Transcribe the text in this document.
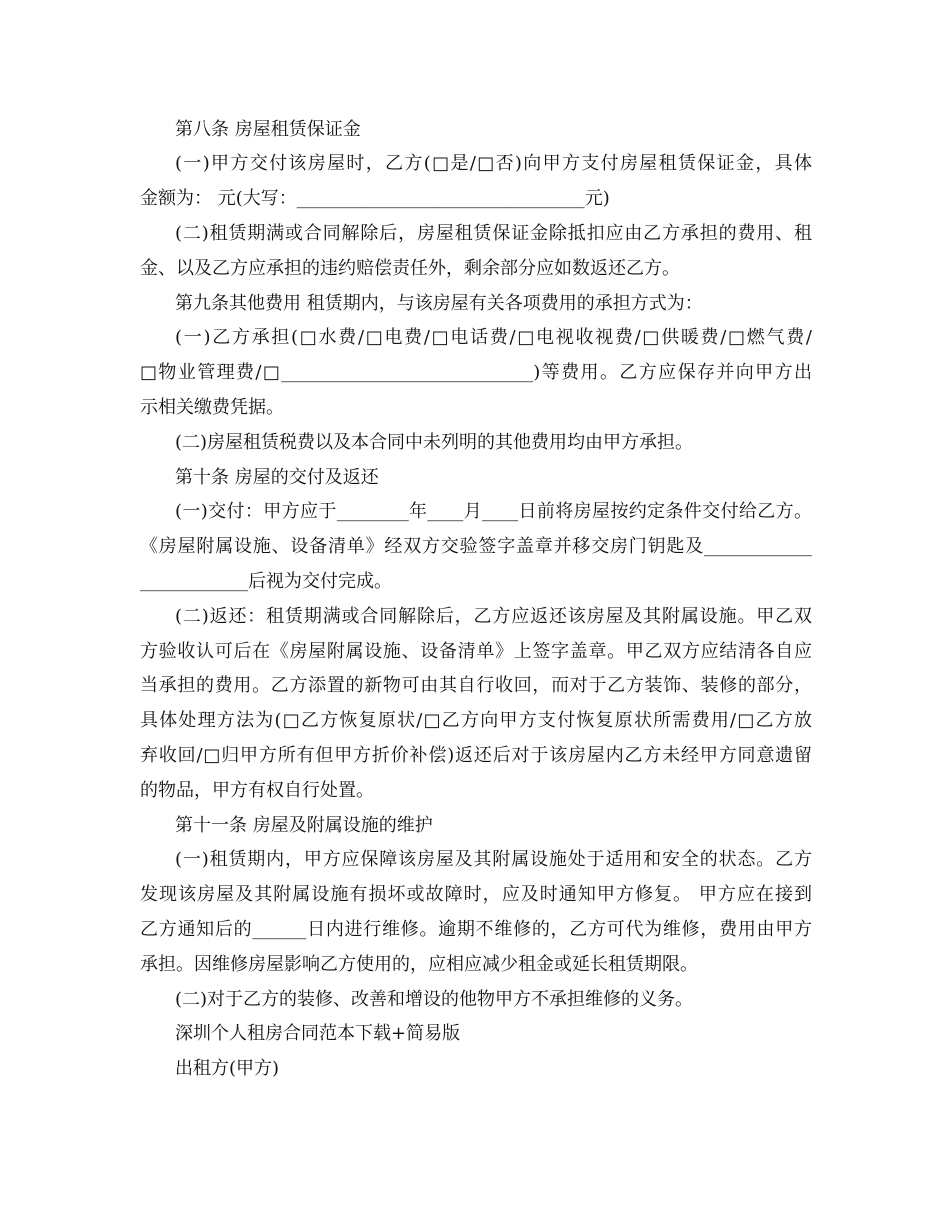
第八条 房屋租赁保证金
(一)甲方交付该房屋时，乙方(□是/□否)向甲方支付房屋租赁保证金，具体
金额为： 元(大写：________________________________元)
(二)租赁期满或合同解除后，房屋租赁保证金除抵扣应由乙方承担的费用、租
金、以及乙方应承担的违约赔偿责任外，剩余部分应如数返还乙方。
第九条其他费用 租赁期内，与该房屋有关各项费用的承担方式为：
(一)乙方承担(□水费/□电费/□电话费/□电视收视费/□供暖费/□燃气费/
□物业管理费/□____________________________)等费用。乙方应保存并向甲方出
示相关缴费凭据。
(二)房屋租赁税费以及本合同中未列明的其他费用均由甲方承担。
第十条 房屋的交付及返还
(一)交付：甲方应于________年____月____日前将房屋按约定条件交付给乙方。
《房屋附属设施、设备清单》经双方交验签字盖章并移交房门钥匙及____________
____________后视为交付完成。
(二)返还：租赁期满或合同解除后，乙方应返还该房屋及其附属设施。甲乙双
方验收认可后在《房屋附属设施、设备清单》上签字盖章。甲乙双方应结清各自应
当承担的费用。乙方添置的新物可由其自行收回，而对于乙方装饰、装修的部分，
具体处理方法为(□乙方恢复原状/□乙方向甲方支付恢复原状所需费用/□乙方放
弃收回/□归甲方所有但甲方折价补偿)返还后对于该房屋内乙方未经甲方同意遗留
的物品，甲方有权自行处置。
第十一条 房屋及附属设施的维护
(一)租赁期内，甲方应保障该房屋及其附属设施处于适用和安全的状态。乙方
发现该房屋及其附属设施有损坏或故障时，应及时通知甲方修复。 甲方应在接到
乙方通知后的______日内进行维修。逾期不维修的，乙方可代为维修，费用由甲方
承担。因维修房屋影响乙方使用的，应相应减少租金或延长租赁期限。
(二)对于乙方的装修、改善和增设的他物甲方不承担维修的义务。
深圳个人租房合同范本下载+简易版
出租方(甲方)
